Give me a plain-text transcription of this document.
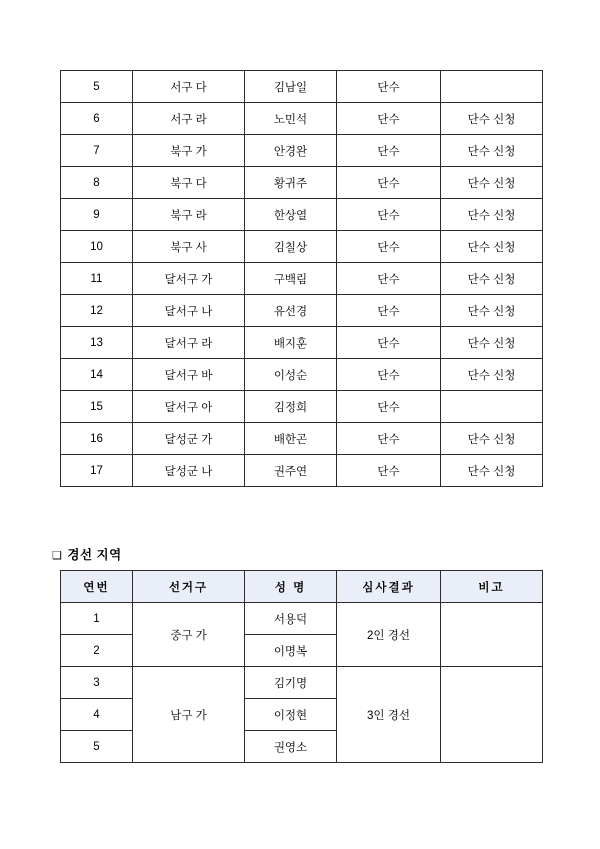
5	서구 다	김남일	단수	
6	서구 라	노민석	단수	단수 신청
7	북구 가	안경완	단수	단수 신청
8	북구 다	황귀주	단수	단수 신청
9	북구 라	한상열	단수	단수 신청
10	북구 사	김칠상	단수	단수 신청
11	달서구 가	구백림	단수	단수 신청
12	달서구 나	유선경	단수	단수 신청
13	달서구 라	배지훈	단수	단수 신청
14	달서구 바	이성순	단수	단수 신청
15	달서구 아	김정희	단수	
16	달성군 가	배한곤	단수	단수 신청
17	달성군 나	권주연	단수	단수 신청
❑ 경선 지역
연번	선거구	성 명	심사결과	비고
1	중구 가	서용덕	2인 경선	
2		이명복		
3	남구 가	김기명	3인 경선	
4		이정현		
5		권영소		
